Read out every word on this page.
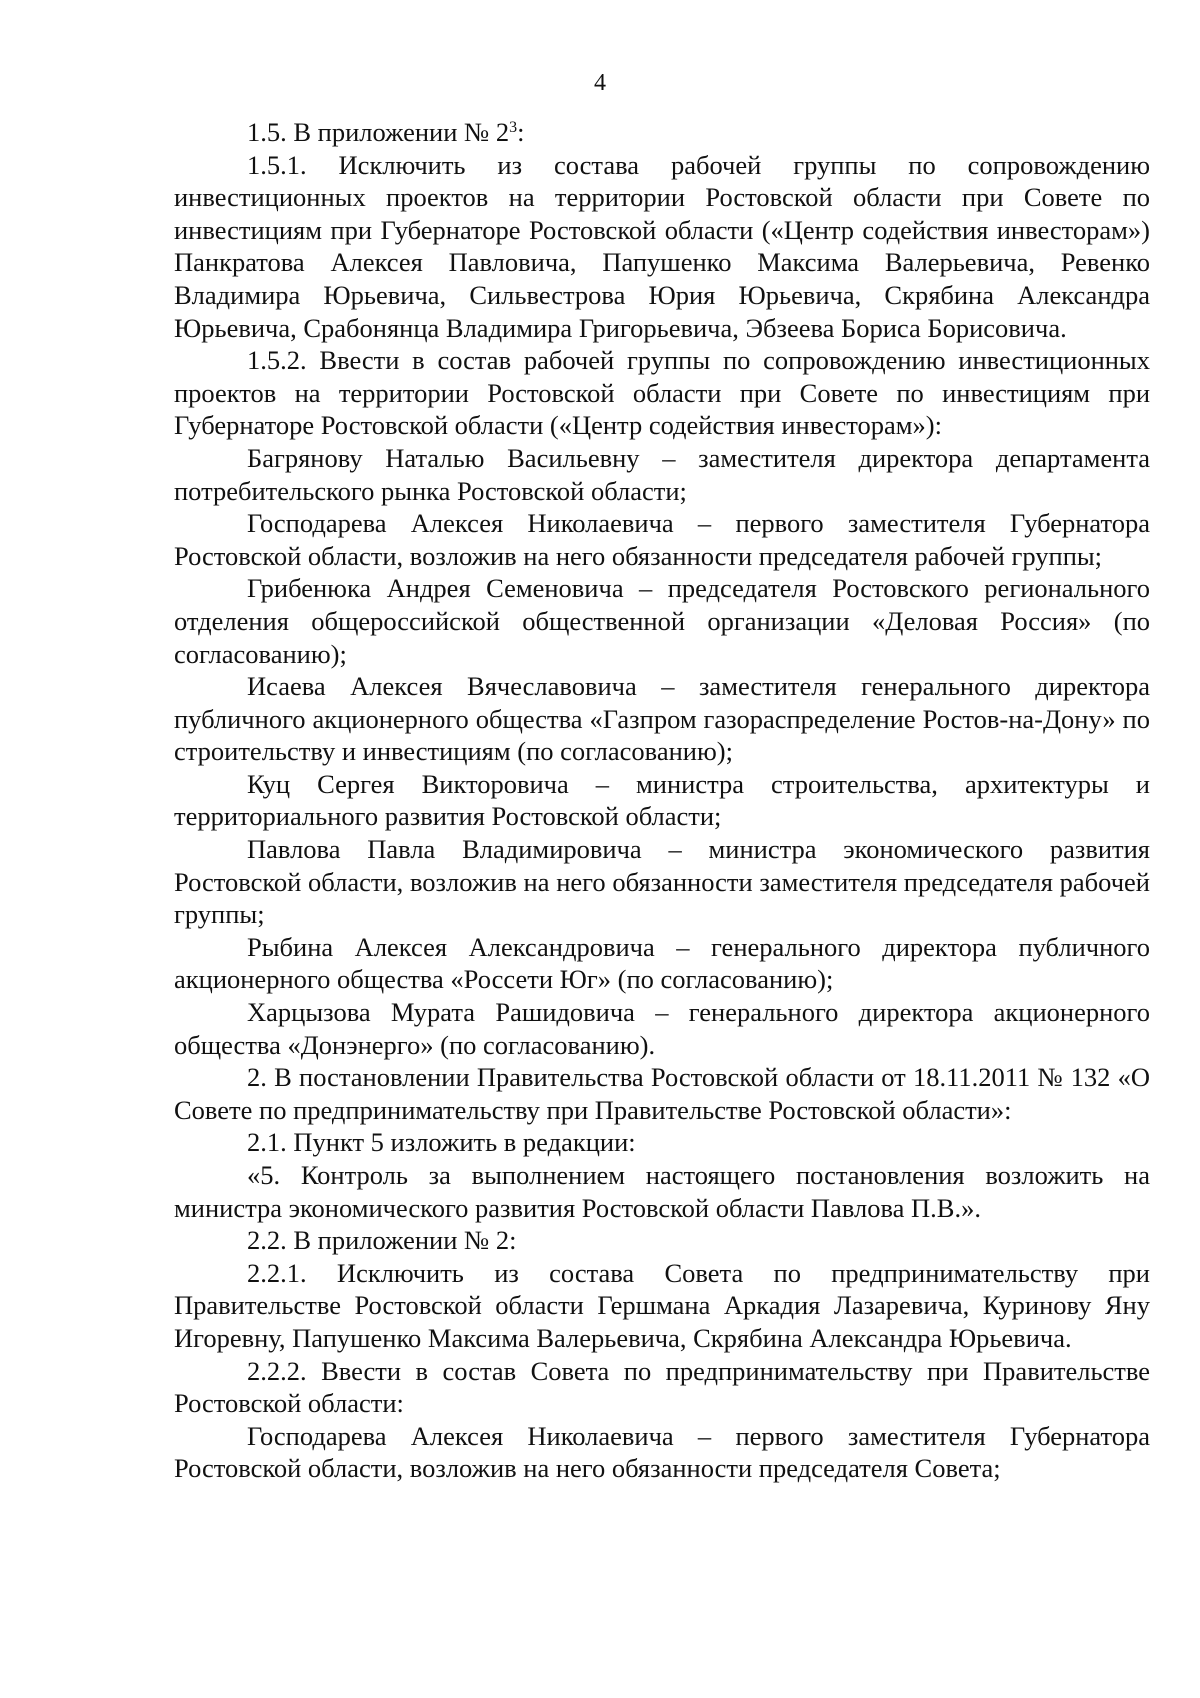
4

1.5. В приложении № $2^3$:

1.5.1. Исключить из состава рабочей группы по сопровождению инвестиционных проектов на территории Ростовской области при Совете по инвестициям при Губернаторе Ростовской области («Центр содействия инвесторам») Панкратова Алексея Павловича, Папушенко Максима Валерьевича, Ревенко Владимира Юрьевича, Сильвестрова Юрия Юрьевича, Скрябина Александра Юрьевича, Срабонянца Владимира Григорьевича, Эбзеева Бориса Борисовича.

1.5.2. Ввести в состав рабочей группы по сопровождению инвестиционных проектов на территории Ростовской области при Совете по инвестициям при Губернаторе Ростовской области («Центр содействия инвесторам»):

Багрянову Наталью Васильевну – заместителя директора департамента потребительского рынка Ростовской области;

Господарева Алексея Николаевича – первого заместителя Губернатора Ростовской области, возложив на него обязанности председателя рабочей группы;

Грибенюка Андрея Семеновича – председателя Ростовского регионального отделения общероссийской общественной организации «Деловая Россия» (по согласованию);

Исаева Алексея Вячеславовича – заместителя генерального директора публичного акционерного общества «Газпром газораспределение Ростов-на-Дону» по строительству и инвестициям (по согласованию);

Куц Сергея Викторовича – министра строительства, архитектуры и территориального развития Ростовской области;

Павлова Павла Владимировича – министра экономического развития Ростовской области, возложив на него обязанности заместителя председателя рабочей группы;

Рыбина Алексея Александровича – генерального директора публичного акционерного общества «Россети Юг» (по согласованию);

Харцызова Мурата Рашидовича – генерального директора акционерного общества «Донэнерго» (по согласованию).

2. В постановлении Правительства Ростовской области от 18.11.2011 № 132 «О Совете по предпринимательству при Правительстве Ростовской области»:

2.1. Пункт 5 изложить в редакции:

«5. Контроль за выполнением настоящего постановления возложить на министра экономического развития Ростовской области Павлова П.В.».

2.2. В приложении № 2:

2.2.1. Исключить из состава Совета по предпринимательству при Правительстве Ростовской области Гершмана Аркадия Лазаревича, Куринову Яну Игоревну, Папушенко Максима Валерьевича, Скрябина Александра Юрьевича.

2.2.2. Ввести в состав Совета по предпринимательству при Правительстве Ростовской области:

Господарева Алексея Николаевича – первого заместителя Губернатора Ростовской области, возложив на него обязанности председателя Совета;
